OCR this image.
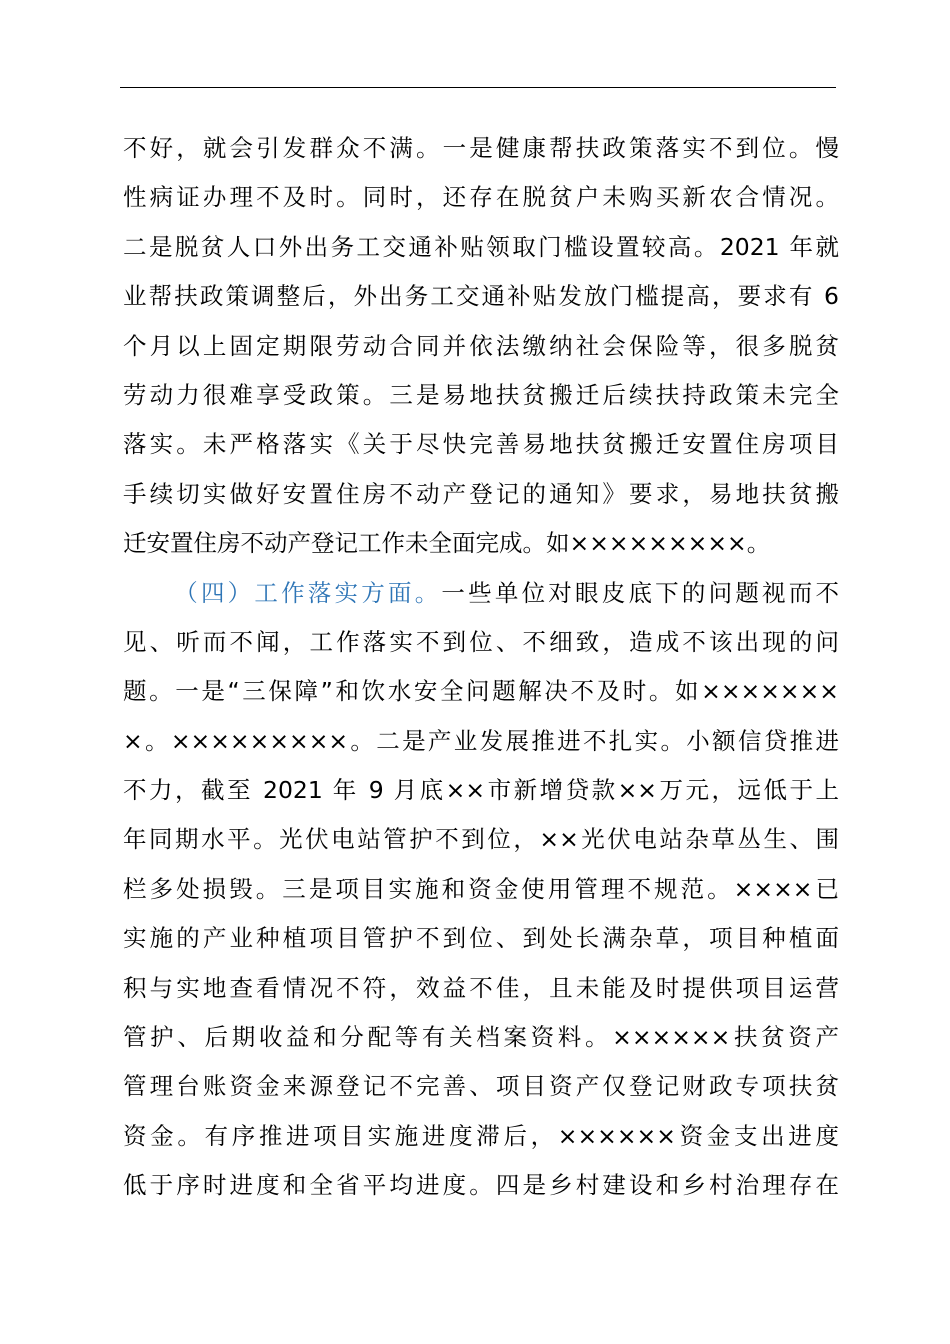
不好，就会引发群众不满。一是健康帮扶政策落实不到位。慢
性病证办理不及时。同时，还存在脱贫户未购买新农合情况。
二是脱贫人口外出务工交通补贴领取门槛设置较高。2021 年就
业帮扶政策调整后，外出务工交通补贴发放门槛提高，要求有 6
个月以上固定期限劳动合同并依法缴纳社会保险等，很多脱贫
劳动力很难享受政策。三是易地扶贫搬迁后续扶持政策未完全
落实。未严格落实《关于尽快完善易地扶贫搬迁安置住房项目
手续切实做好安置住房不动产登记的通知》要求，易地扶贫搬
迁安置住房不动产登记工作未全面完成。如×××××××××。
（四）工作落实方面。一些单位对眼皮底下的问题视而不
见、听而不闻，工作落实不到位、不细致，造成不该出现的问
题。一是“三保障”和饮水安全问题解决不及时。如×××××××
×。×××××××××。二是产业发展推进不扎实。小额信贷推进
不力，截至 2021 年 9 月底××市新增贷款××万元，远低于上
年同期水平。光伏电站管护不到位，××光伏电站杂草丛生、围
栏多处损毁。三是项目实施和资金使用管理不规范。××××已
实施的产业种植项目管护不到位、到处长满杂草，项目种植面
积与实地查看情况不符，效益不佳，且未能及时提供项目运营
管护、后期收益和分配等有关档案资料。××××××扶贫资产
管理台账资金来源登记不完善、项目资产仅登记财政专项扶贫
资金。有序推进项目实施进度滞后，××××××资金支出进度
低于序时进度和全省平均进度。四是乡村建设和乡村治理存在
